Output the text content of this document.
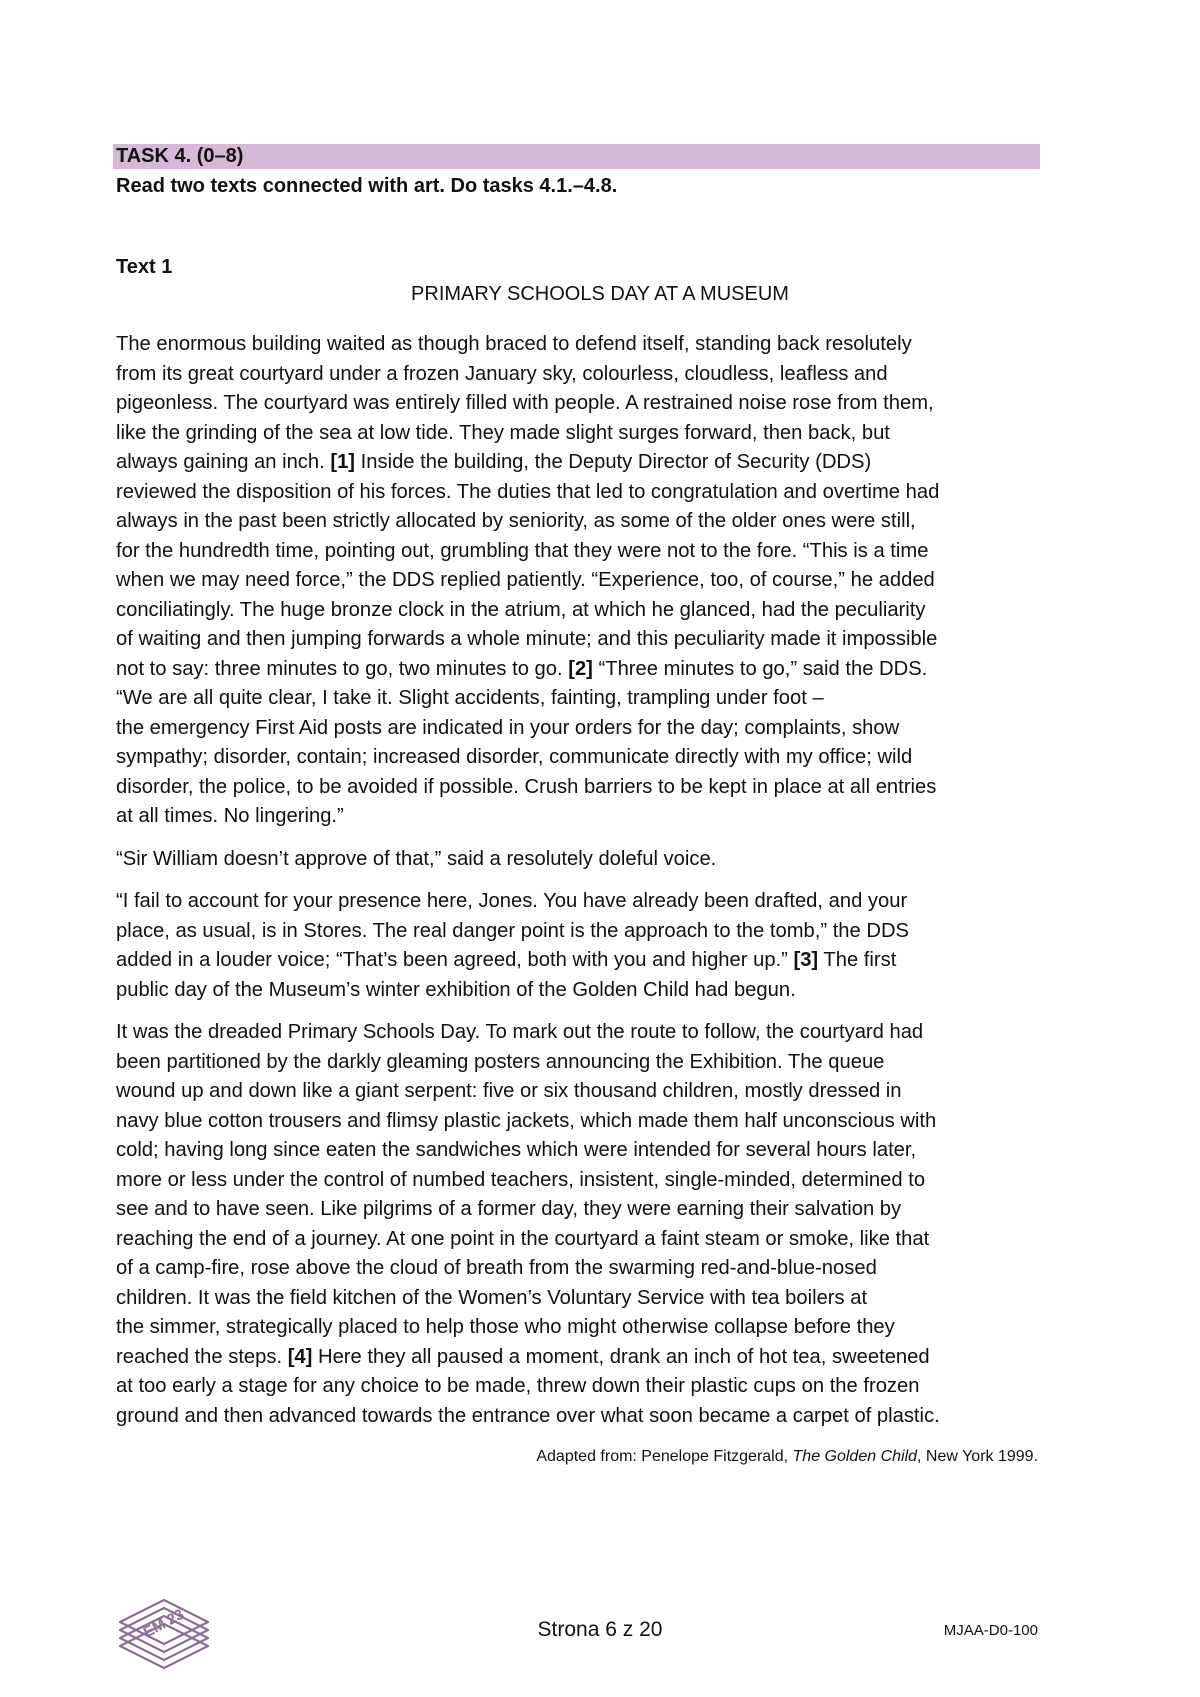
TASK 4. (0–8)
Read two texts connected with art. Do tasks 4.1.–4.8.
Text 1
PRIMARY SCHOOLS DAY AT A MUSEUM
The enormous building waited as though braced to defend itself, standing back resolutely
from its great courtyard under a frozen January sky, colourless, cloudless, leafless and
pigeonless. The courtyard was entirely filled with people. A restrained noise rose from them,
like the grinding of the sea at low tide. They made slight surges forward, then back, but
always gaining an inch. [1] Inside the building, the Deputy Director of Security (DDS)
reviewed the disposition of his forces. The duties that led to congratulation and overtime had
always in the past been strictly allocated by seniority, as some of the older ones were still,
for the hundredth time, pointing out, grumbling that they were not to the fore. “This is a time
when we may need force,” the DDS replied patiently. “Experience, too, of course,” he added
conciliatingly. The huge bronze clock in the atrium, at which he glanced, had the peculiarity
of waiting and then jumping forwards a whole minute; and this peculiarity made it impossible
not to say: three minutes to go, two minutes to go. [2] “Three minutes to go,” said the DDS.
“We are all quite clear, I take it. Slight accidents, fainting, trampling under foot –
the emergency First Aid posts are indicated in your orders for the day; complaints, show
sympathy; disorder, contain; increased disorder, communicate directly with my office; wild
disorder, the police, to be avoided if possible. Crush barriers to be kept in place at all entries
at all times. No lingering.”
“Sir William doesn’t approve of that,” said a resolutely doleful voice.
“I fail to account for your presence here, Jones. You have already been drafted, and your
place, as usual, is in Stores. The real danger point is the approach to the tomb,” the DDS
added in a louder voice; “That’s been agreed, both with you and higher up.” [3] The first
public day of the Museum’s winter exhibition of the Golden Child had begun.
It was the dreaded Primary Schools Day. To mark out the route to follow, the courtyard had
been partitioned by the darkly gleaming posters announcing the Exhibition. The queue
wound up and down like a giant serpent: five or six thousand children, mostly dressed in
navy blue cotton trousers and flimsy plastic jackets, which made them half unconscious with
cold; having long since eaten the sandwiches which were intended for several hours later,
more or less under the control of numbed teachers, insistent, single-minded, determined to
see and to have seen. Like pilgrims of a former day, they were earning their salvation by
reaching the end of a journey. At one point in the courtyard a faint steam or smoke, like that
of a camp-fire, rose above the cloud of breath from the swarming red-and-blue-nosed
children. It was the field kitchen of the Women’s Voluntary Service with tea boilers at
the simmer, strategically placed to help those who might otherwise collapse before they
reached the steps. [4] Here they all paused a moment, drank an inch of hot tea, sweetened
at too early a stage for any choice to be made, threw down their plastic cups on the frozen
ground and then advanced towards the entrance over what soon became a carpet of plastic.
Adapted from: Penelope Fitzgerald, The Golden Child, New York 1999.
EM 23	Strona 6 z 20	MJAA-D0-100
